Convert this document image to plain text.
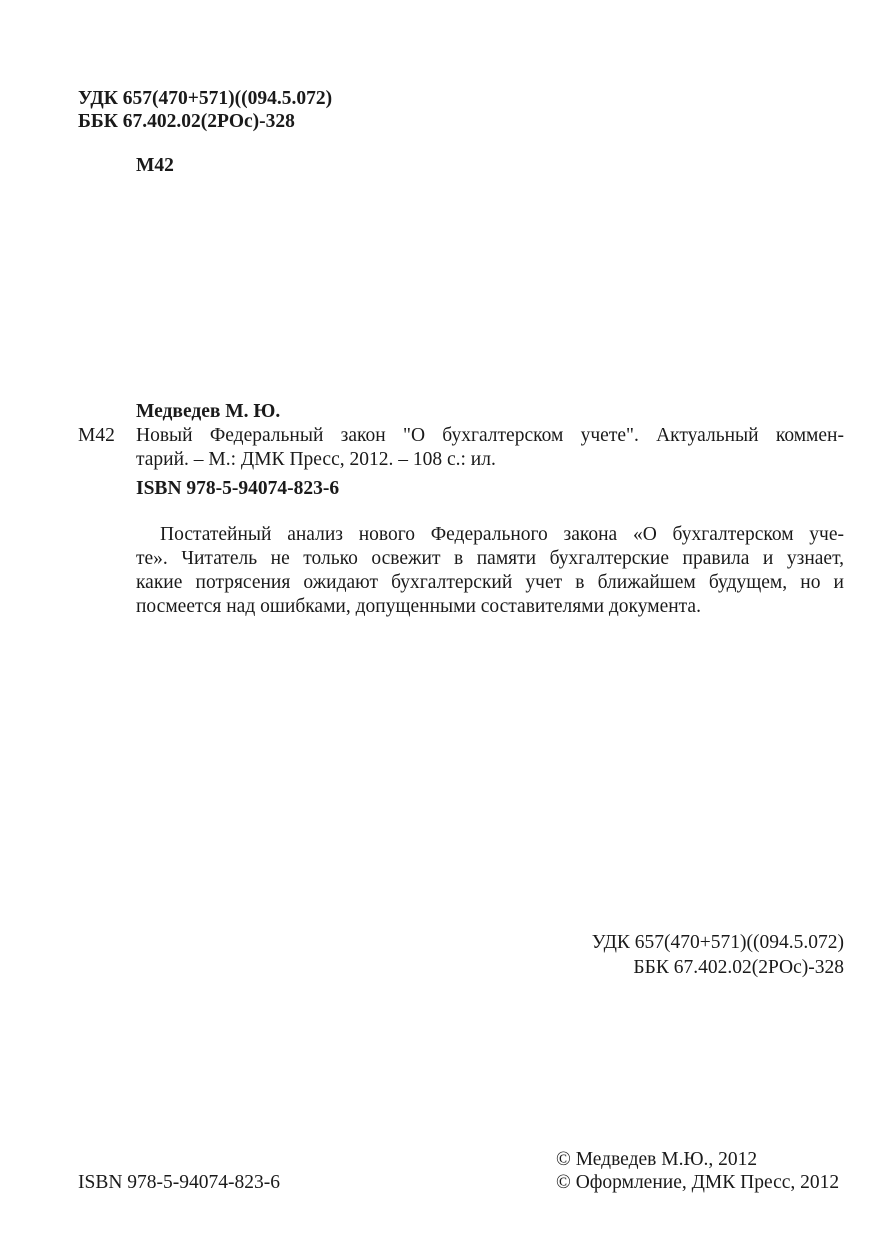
УДК 657(470+571)((094.5.072)
ББК 67.402.02(2РОс)-328
М42
Медведев М. Ю.
М42 Новый Федеральный закон "О бухгалтерском учете". Актуальный коммен-
тарий. – М.: ДМК Пресс, 2012. – 108 с.: ил.
ISBN 978-5-94074-823-6
Постатейный анализ нового Федерального закона «О бухгалтерском уче-
те». Читатель не только освежит в памяти бухгалтерские правила и узнает,
какие потрясения ожидают бухгалтерский учет в ближайшем будущем, но и
посмеется над ошибками, допущенными составителями документа.
УДК 657(470+571)((094.5.072)
ББК 67.402.02(2РОс)-328
© Медведев М.Ю., 2012
ISBN 978-5-94074-823-6	© Оформление, ДМК Пресс, 2012
